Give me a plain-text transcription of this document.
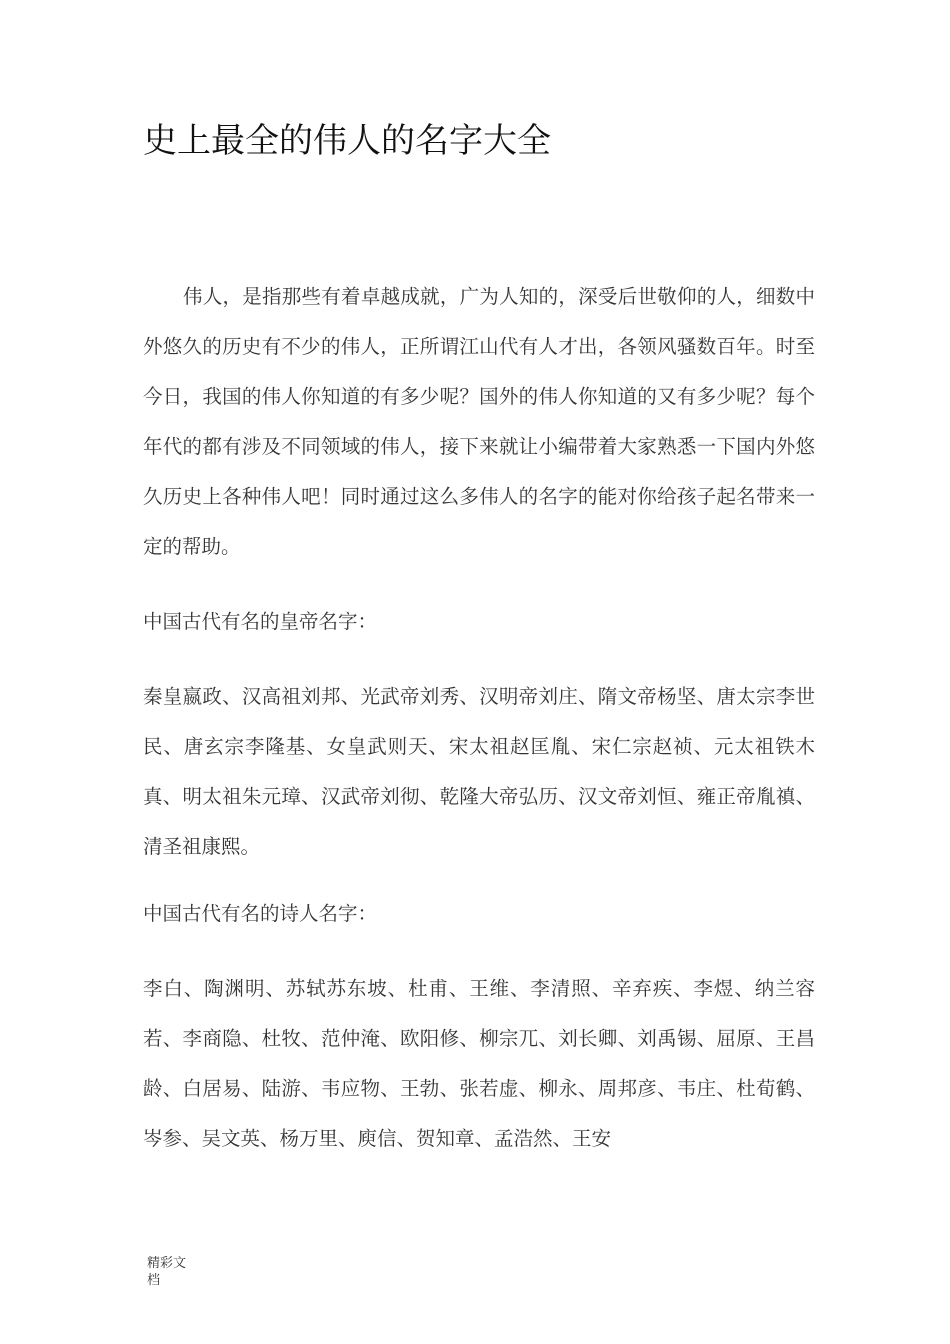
史上最全的伟人的名字大全

伟人，是指那些有着卓越成就，广为人知的，深受后世敬仰的人，细数中外悠久的历史有不少的伟人，正所谓江山代有人才出，各领风骚数百年。时至今日，我国的伟人你知道的有多少呢？国外的伟人你知道的又有多少呢？每个年代的都有涉及不同领域的伟人，接下来就让小编带着大家熟悉一下国内外悠久历史上各种伟人吧！同时通过这么多伟人的名字的能对你给孩子起名带来一定的帮助。

中国古代有名的皇帝名字：

秦皇嬴政、汉高祖刘邦、光武帝刘秀、汉明帝刘庄、隋文帝杨坚、唐太宗李世民、唐玄宗李隆基、女皇武则天、宋太祖赵匡胤、宋仁宗赵祯、元太祖铁木真、明太祖朱元璋、汉武帝刘彻、乾隆大帝弘历、汉文帝刘恒、雍正帝胤禛、清圣祖康熙。

中国古代有名的诗人名字：

李白、陶渊明、苏轼苏东坡、杜甫、王维、李清照、辛弃疾、李煜、纳兰容若、李商隐、杜牧、范仲淹、欧阳修、柳宗兀、刘长卿、刘禹锡、屈原、王昌龄、白居易、陆游、韦应物、王勃、张若虚、柳永、周邦彦、韦庄、杜荀鹤、岑参、吴文英、杨万里、庾信、贺知章、孟浩然、王安

精彩文档
